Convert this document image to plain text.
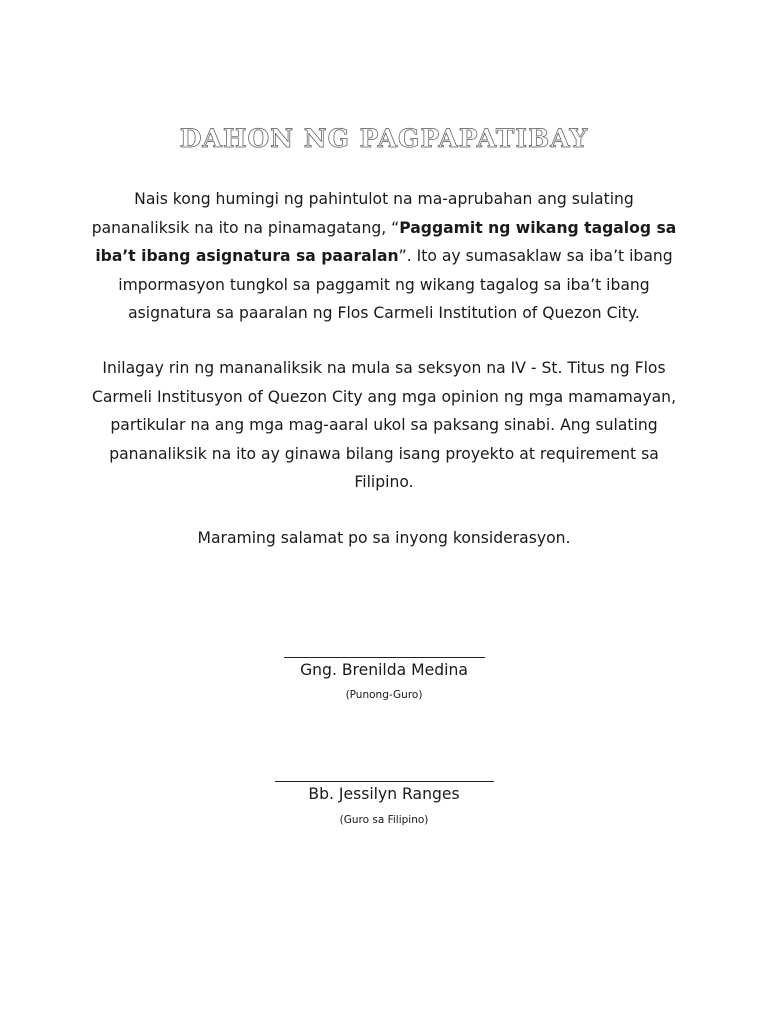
DAHON NG PAGPAPATIBAY

Nais kong humingi ng pahintulot na ma-aprubahan ang sulating pananaliksik na ito na pinamagatang, “Paggamit ng wikang tagalog sa iba’t ibang asignatura sa paaralan”. Ito ay sumasaklaw sa iba’t ibang impormasyon tungkol sa paggamit ng wikang tagalog sa iba’t ibang asignatura sa paaralan ng Flos Carmeli Institution of Quezon City.

Inilagay rin ng mananaliksik na mula sa seksyon na IV - St. Titus ng Flos Carmeli Institusyon of Quezon City ang mga opinion ng mga mamamayan, partikular na ang mga mag-aaral ukol sa paksang sinabi. Ang sulating pananaliksik na ito ay ginawa bilang isang proyekto at requirement sa Filipino.

Maraming salamat po sa inyong konsiderasyon.

Gng. Brenilda Medina

(Punong-Guro)

Bb. Jessilyn Ranges

(Guro sa Filipino)
